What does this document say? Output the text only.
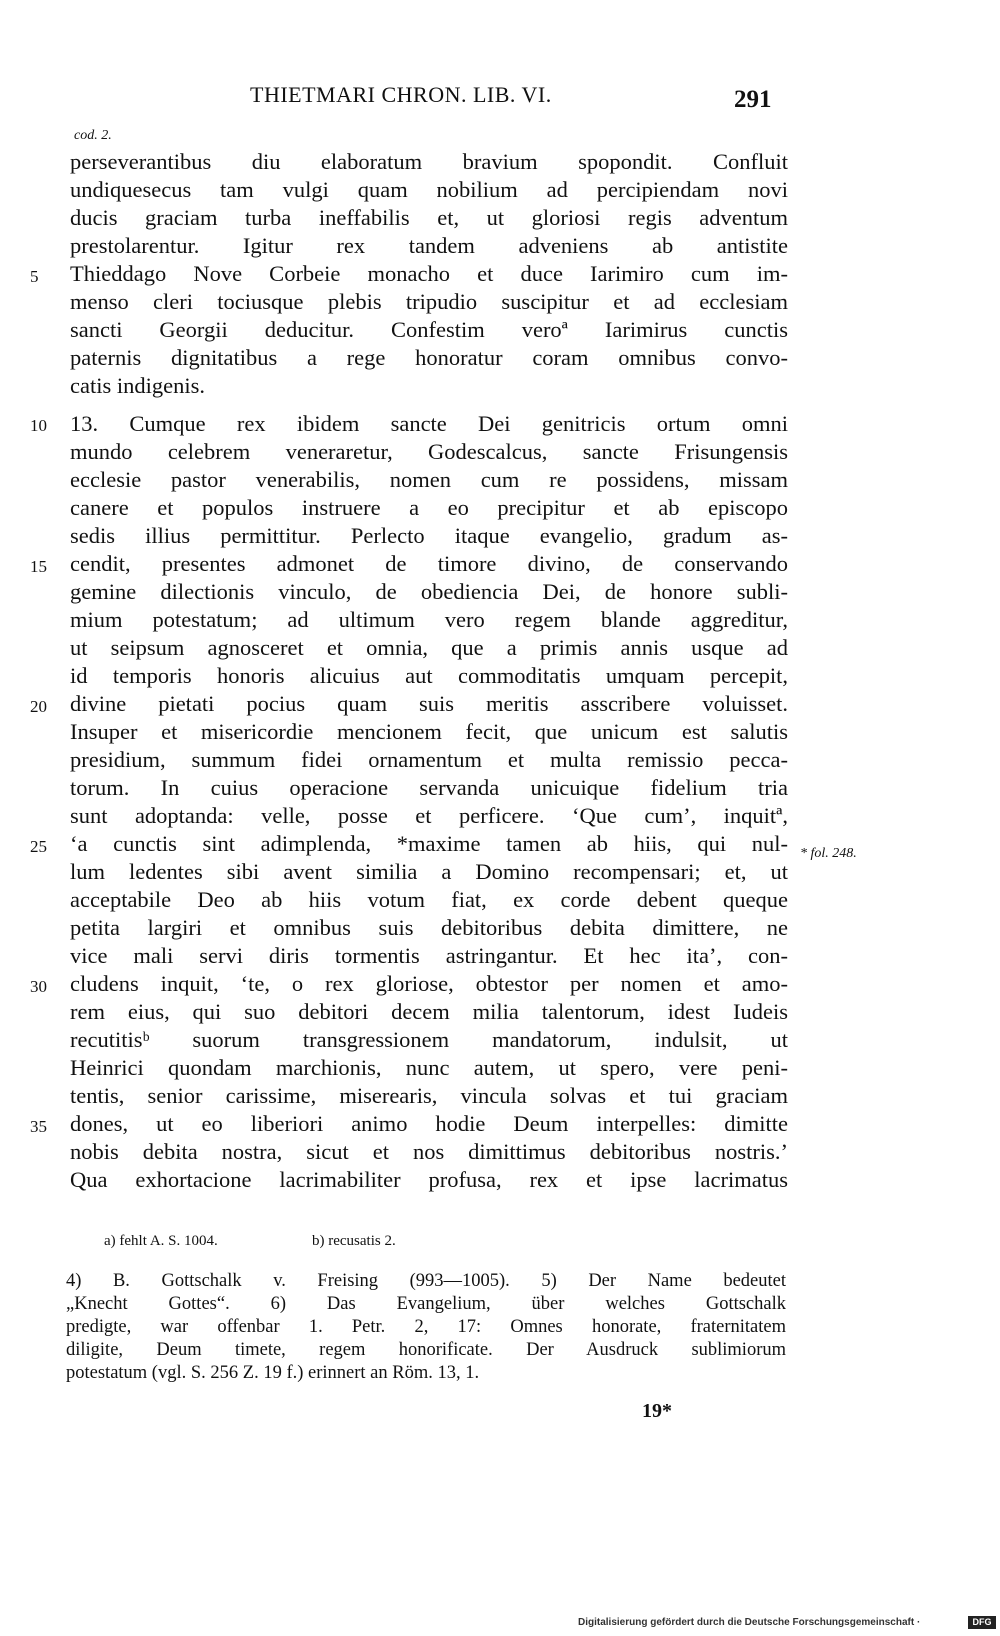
THIETMARI CHRON. LIB. VI.	291
cod. 2.
perseverantibus diu elaboratum bravium spopondit. Confluit
undiquesecus tam vulgi quam nobilium ad percipiendam novi
ducis graciam turba ineffabilis et, ut gloriosi regis adventum
prestolarentur. Igitur rex tandem adveniens ab antistite
Thieddago Nove Corbeie monacho et duce Iarimiro cum im-
menso cleri tociusque plebis tripudio suscipitur et ad ecclesiam
sancti Georgii deducitur. Confestim veroª Iarimirus cunctis
paternis dignitatibus a rege honoratur coram omnibus convo-
catis indigenis.
13. Cumque rex ibidem sancte Dei genitricis ortum omni
mundo celebrem veneraretur, Godescalcus, sancte Frisungensis
ecclesie pastor venerabilis, nomen cum re possidens, missam
canere et populos instruere a eo precipitur et ab episcopo
sedis illius permittitur. Perlecto itaque evangelio, gradum as-
cendit, presentes admonet de timore divino, de conservando
gemine dilectionis vinculo, de obediencia Dei, de honore subli-
mium potestatum; ad ultimum vero regem blande aggreditur,
ut seipsum agnosceret et omnia, que a primis annis usque ad
id temporis honoris alicuius aut commoditatis umquam percepit,
divine pietati pocius quam suis meritis asscribere voluisset.
Insuper et misericordie mencionem fecit, que unicum est salutis
presidium, summum fidei ornamentum et multa remissio pecca-
torum. In cuius operacione servanda unicuique fidelium tria
sunt adoptanda: velle, posse et perficere. ‘Que cum’, inquitª,
‘a cunctis sint adimplenda, *maxime tamen ab hiis, qui nul-
lum ledentes sibi avent similia a Domino recompensari; et, ut
acceptabile Deo ab hiis votum fiat, ex corde debent queque
petita largiri et omnibus suis debitoribus debita dimittere, ne
vice mali servi diris tormentis astringantur. Et hec ita’, con-
cludens inquit, ‘te, o rex gloriose, obtestor per nomen et amo-
rem eius, qui suo debitori decem milia talentorum, idest Iudeis
recutitisᵇ suorum transgressionem mandatorum, indulsit, ut
Heinrici quondam marchionis, nunc autem, ut spero, vere peni-
tentis, senior carissime, miserearis, vincula solvas et tui graciam
dones, ut eo liberiori animo hodie Deum interpelles: dimitte
nobis debita nostra, sicut et nos dimittimus debitoribus nostris.’
Qua exhortacione lacrimabiliter profusa, rex et ipse lacrimatus
5
10
15
20
25
30
35
* fol. 248.
a) fehlt A. S. 1004.	b) recusatis 2.
4) B. Gottschalk v. Freising (993—1005). 5) Der Name bedeutet
„Knecht Gottes“. 6) Das Evangelium, über welches Gottschalk
predigte, war offenbar 1. Petr. 2, 17: Omnes honorate, fraternitatem
diligite, Deum timete, regem honorificate. Der Ausdruck sublimiorum
potestatum (vgl. S. 256 Z. 19 f.) erinnert an Röm. 13, 1.
19*
Digitalisierung gefördert durch die Deutsche Forschungsgemeinschaft ·	DFG
